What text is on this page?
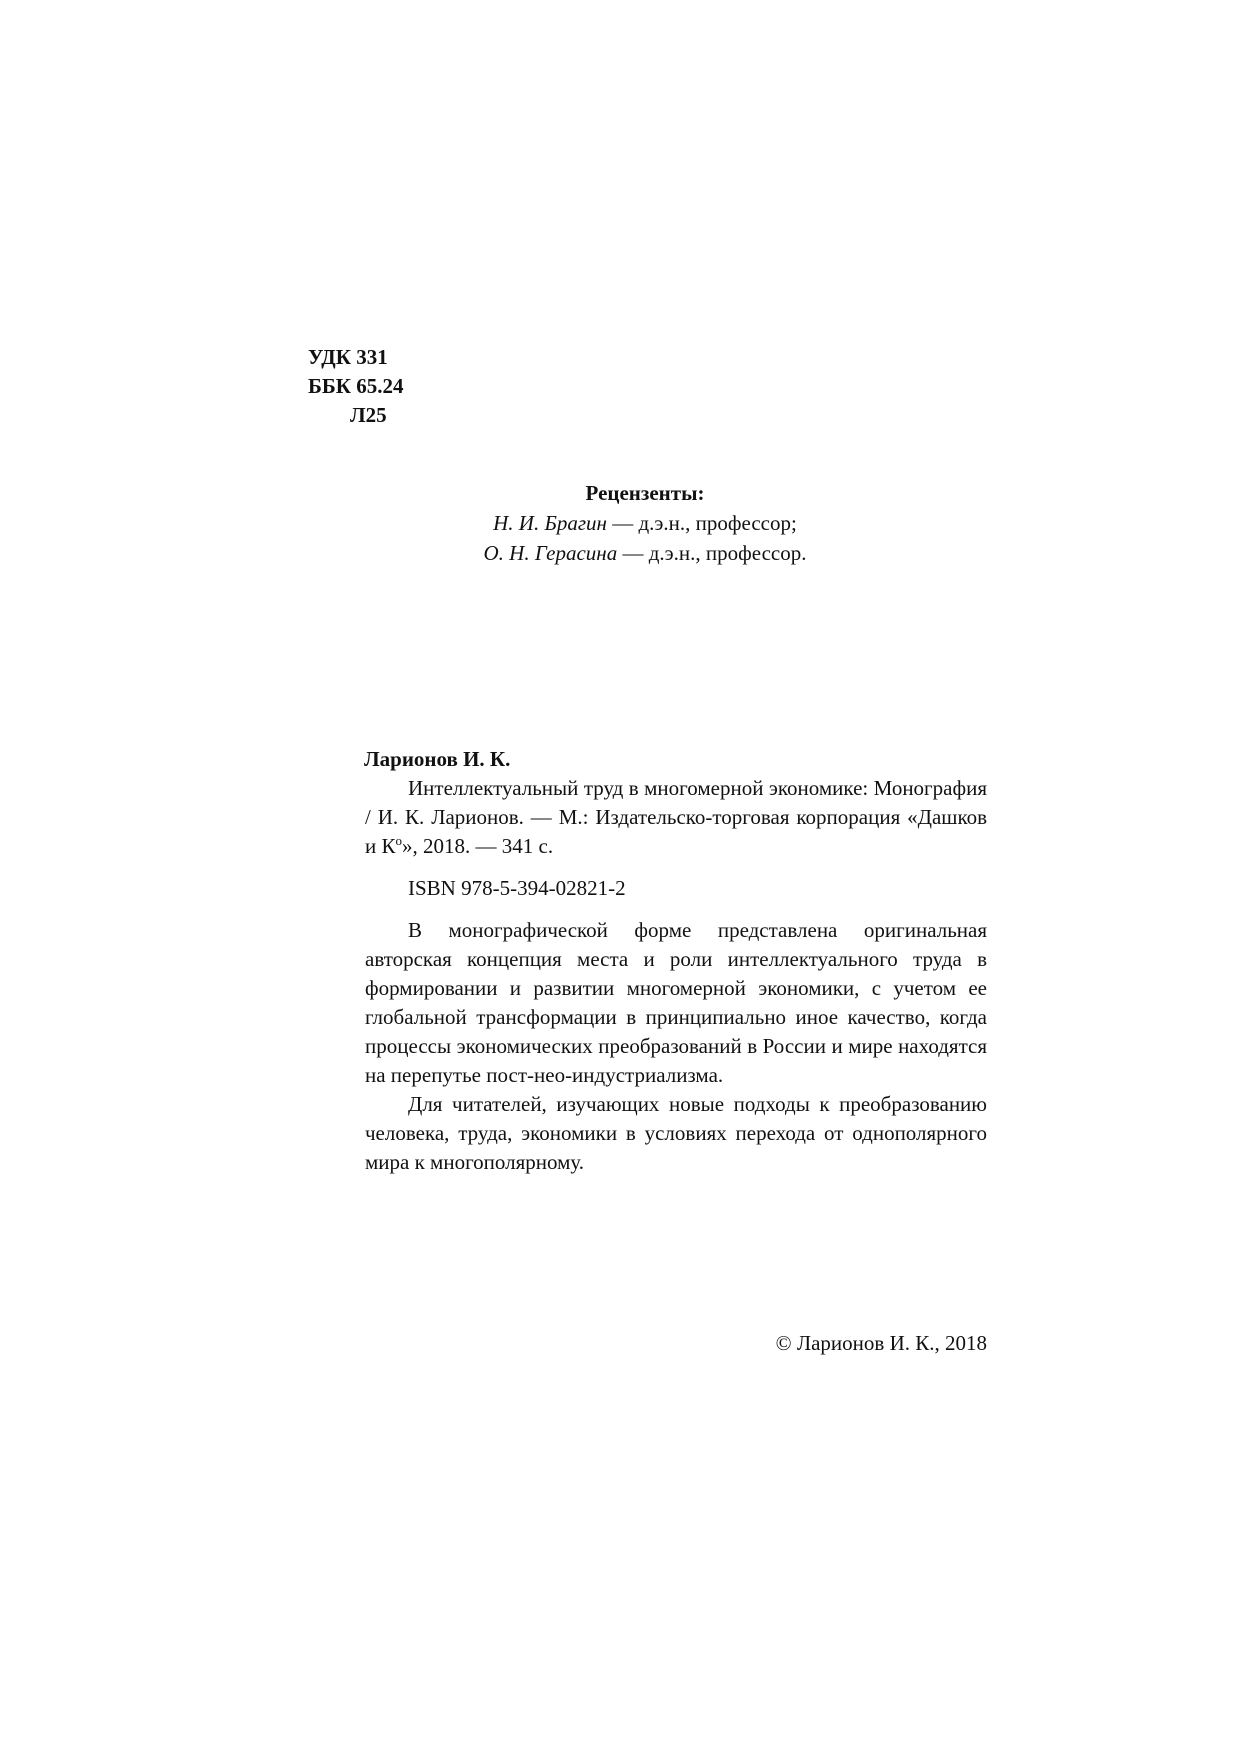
УДК 331
ББК 65.24
Л25
Рецензенты:
Н. И. Брагин — д.э.н., профессор;
О. Н. Герасина — д.э.н., профессор.
Ларионов И. К.

Интеллектуальный труд в многомерной экономике: Монография / И. К. Ларионов. — М.: Издательско-торговая корпорация «Дашков и $К^о$», 2018. — 341 с.

ISBN 978-5-394-02821-2

В монографической форме представлена оригинальная авторская концепция места и роли интеллектуального труда в формировании и развитии многомерной экономики, с учетом ее глобальной трансформации в принципиально иное качество, когда процессы экономических преобразований в России и мире находятся на перепутье пост-нео-индустриализма.

Для читателей, изучающих новые подходы к преобразованию человека, труда, экономики в условиях перехода от однополярного мира к многополярному.

© Ларионов И. К., 2018
